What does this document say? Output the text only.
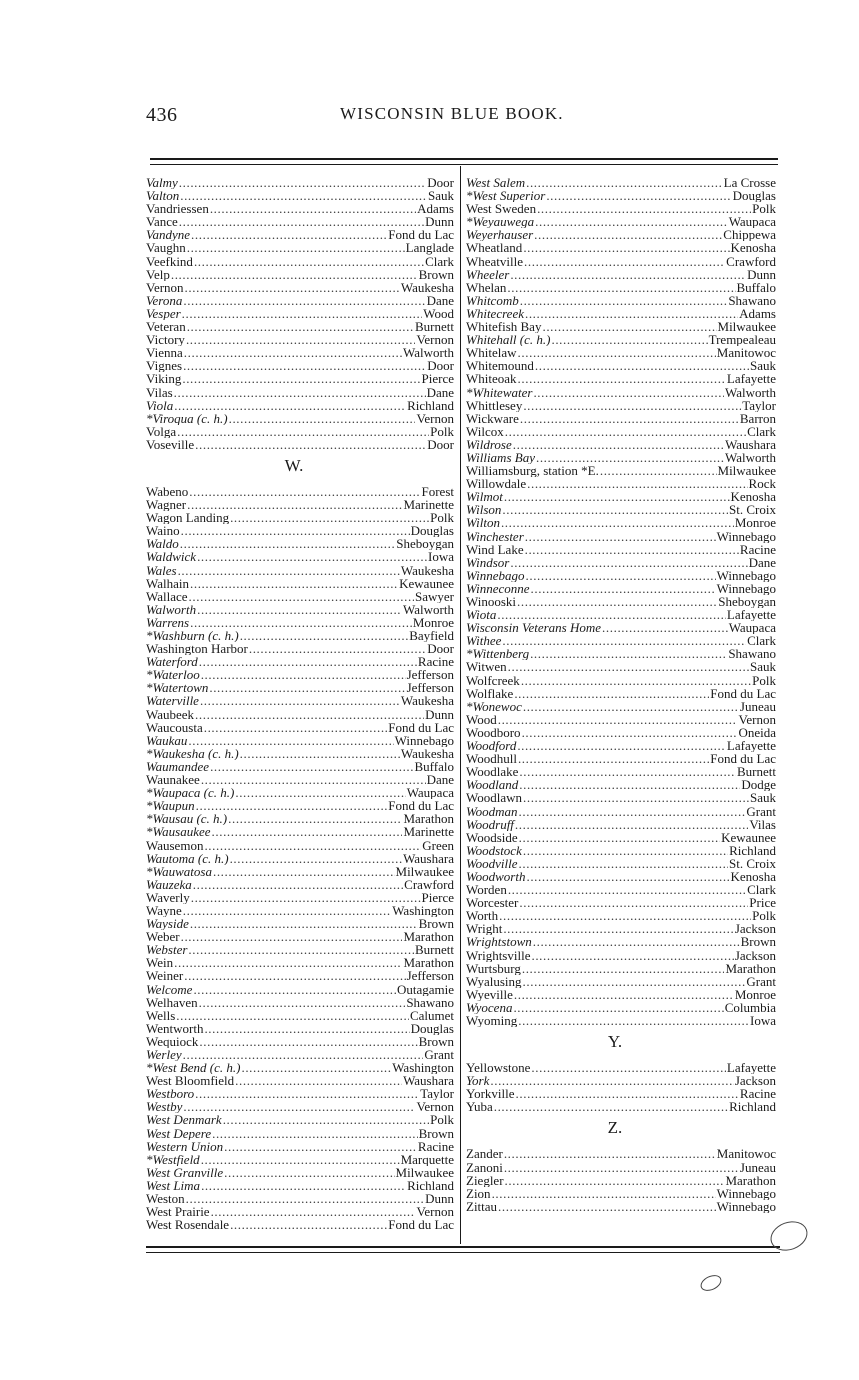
436	WISCONSIN BLUE BOOK.
Valmy .....	Door
Valton .....	Sauk
Vandriessen .....	Adams
Vance .....	Dunn
Vandyne .....	Fond du Lac
Vaughn .....	Langlade
Veefkind .....	Clark
Velp .....	Brown
Vernon .....	Waukesha
Verona .....	Dane
Vesper .....	Wood
Veteran .....	Burnett
Victory .....	Vernon
Vienna .....	Walworth
Vignes .....	Door
Viking .....	Pierce
Vilas .....	Dane
Viola .....	Richland
*Viroqua (c. h.) .....	Vernon
Volga .....	Polk
Voseville .....	Door
W.
Wabeno .....	Forest
Wagner .....	Marinette
Wagon Landing .....	Polk
Waino .....	Douglas
Waldo .....	Sheboygan
Waldwick .....	Iowa
Wales .....	Waukesha
Walhain .....	Kewaunee
Wallace .....	Sawyer
Walworth .....	Walworth
Warrens .....	Monroe
*Washburn (c. h.) .....	Bayfield
Washington Harbor .....	Door
Waterford .....	Racine
*Waterloo .....	Jefferson
*Watertown .....	Jefferson
Waterville .....	Waukesha
Waubeek .....	Dunn
Waucousta .....	Fond du Lac
Waukau .....	Winnebago
*Waukesha (c. h.) .....	Waukesha
Waumandee .....	Buffalo
Waunakee .....	Dane
*Waupaca (c. h.) .....	Waupaca
*Waupun .....	Fond du Lac
*Wausau (c. h.) .....	Marathon
*Wausaukee .....	Marinette
Wausemon .....	Green
Wautoma (c. h.) .....	Waushara
*Wauwatosa .....	Milwaukee
Wauzeka .....	Crawford
Waverly .....	Pierce
Wayne .....	Washington
Wayside .....	Brown
Weber .....	Marathon
Webster .....	Burnett
Wein .....	Marathon
Weiner .....	Jefferson
Welcome .....	Outagamie
Welhaven .....	Shawano
Wells .....	Calumet
Wentworth .....	Douglas
Wequiock .....	Brown
Werley .....	Grant
*West Bend (c. h.) .....	Washington
West Bloomfield .....	Waushara
Westboro .....	Taylor
Westby .....	Vernon
West Denmark .....	Polk
West Depere .....	Brown
Western Union .....	Racine
*Westfield .....	Marquette
West Granville .....	Milwaukee
West Lima .....	Richland
Weston .....	Dunn
West Prairie .....	Vernon
West Rosendale .....	Fond du Lac
West Salem .....	La Crosse
*West Superior .....	Douglas
West Sweden .....	Polk
*Weyauwega .....	Waupaca
Weyerhauser .....	Chippewa
Wheatland .....	Kenosha
Wheatville .....	Crawford
Wheeler .....	Dunn
Whelan .....	Buffalo
Whitcomb .....	Shawano
Whitecreek .....	Adams
Whitefish Bay .....	Milwaukee
Whitehall (c. h.) .....	Trempealeau
Whitelaw .....	Manitowoc
Whitemound .....	Sauk
Whiteoak .....	Lafayette
*Whitewater .....	Walworth
Whittlesey .....	Taylor
Wickware .....	Barron
Wilcox .....	Clark
Wildrose .....	Waushara
Williams Bay .....	Walworth
Williamsburg, station *E. .....	Milwaukee
Willowdale .....	Rock
Wilmot .....	Kenosha
Wilson .....	St. Croix
Wilton .....	Monroe
Winchester .....	Winnebago
Wind Lake .....	Racine
Windsor .....	Dane
Winnebago .....	Winnebago
Winneconne .....	Winnebago
Winooski .....	Sheboygan
Wiota .....	Lafayette
Wisconsin Veterans Home .....	Waupaca
Withee .....	Clark
*Wittenberg .....	Shawano
Witwen .....	Sauk
Wolfcreek .....	Polk
Wolflake .....	Fond du Lac
*Wonewoc .....	Juneau
Wood .....	Vernon
Woodboro .....	Oneida
Woodford .....	Lafayette
Woodhull .....	Fond du Lac
Woodlake .....	Burnett
Woodland .....	Dodge
Woodlawn .....	Sauk
Woodman .....	Grant
Woodruff .....	Vilas
Woodside .....	Kewaunee
Woodstock .....	Richland
Woodville .....	St. Croix
Woodworth .....	Kenosha
Worden .....	Clark
Worcester .....	Price
Worth .....	Polk
Wright .....	Jackson
Wrightstown .....	Brown
Wrightsville .....	Jackson
Wurtsburg .....	Marathon
Wyalusing .....	Grant
Wyeville .....	Monroe
Wyocena .....	Columbia
Wyoming .....	Iowa
Y.
Yellowstone .....	Lafayette
York .....	Jackson
Yorkville .....	Racine
Yuba .....	Richland
Z.
Zander .....	Manitowoc
Zanoni .....	Juneau
Ziegler .....	Marathon
Zion .....	Winnebago
Zittau .....	Winnebago
